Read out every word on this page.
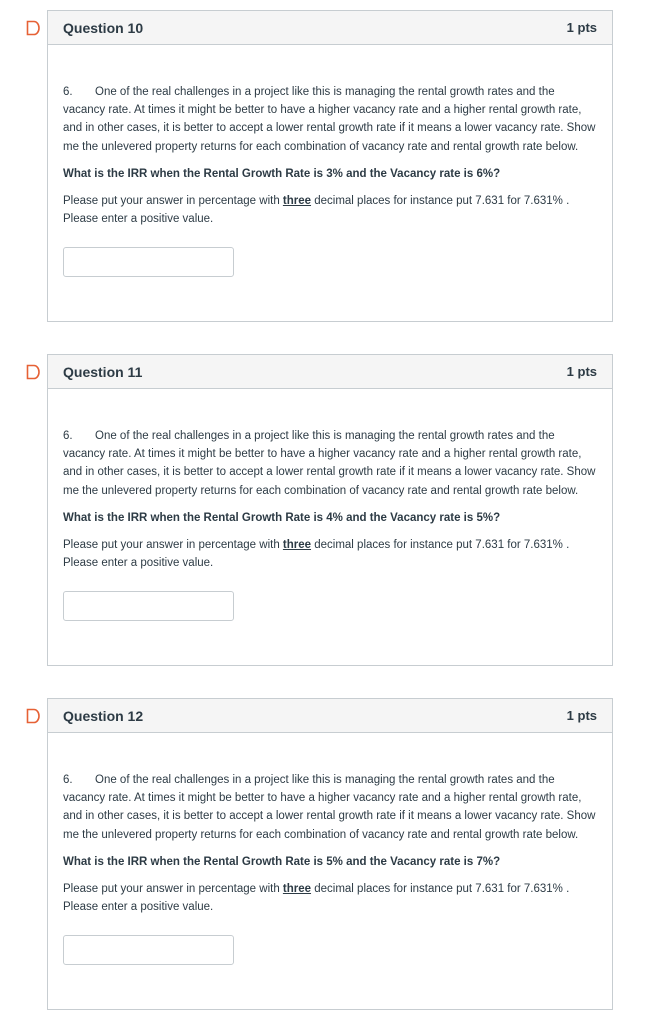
Question 10	1 pts

6. One of the real challenges in a project like this is managing the rental growth rates and the vacancy rate. At times it might be better to have a higher vacancy rate and a higher rental growth rate, and in other cases, it is better to accept a lower rental growth rate if it means a lower vacancy rate. Show me the unlevered property returns for each combination of vacancy rate and rental growth rate below.

What is the IRR when the Rental Growth Rate is 3% and the Vacancy rate is 6%?

Please put your answer in percentage with three decimal places for instance put 7.631 for 7.631% . Please enter a positive value.

Question 11	1 pts

6. One of the real challenges in a project like this is managing the rental growth rates and the vacancy rate. At times it might be better to have a higher vacancy rate and a higher rental growth rate, and in other cases, it is better to accept a lower rental growth rate if it means a lower vacancy rate. Show me the unlevered property returns for each combination of vacancy rate and rental growth rate below.

What is the IRR when the Rental Growth Rate is 4% and the Vacancy rate is 5%?

Please put your answer in percentage with three decimal places for instance put 7.631 for 7.631% . Please enter a positive value.

Question 12	1 pts

6. One of the real challenges in a project like this is managing the rental growth rates and the vacancy rate. At times it might be better to have a higher vacancy rate and a higher rental growth rate, and in other cases, it is better to accept a lower rental growth rate if it means a lower vacancy rate. Show me the unlevered property returns for each combination of vacancy rate and rental growth rate below.

What is the IRR when the Rental Growth Rate is 5% and the Vacancy rate is 7%?

Please put your answer in percentage with three decimal places for instance put 7.631 for 7.631% . Please enter a positive value.
